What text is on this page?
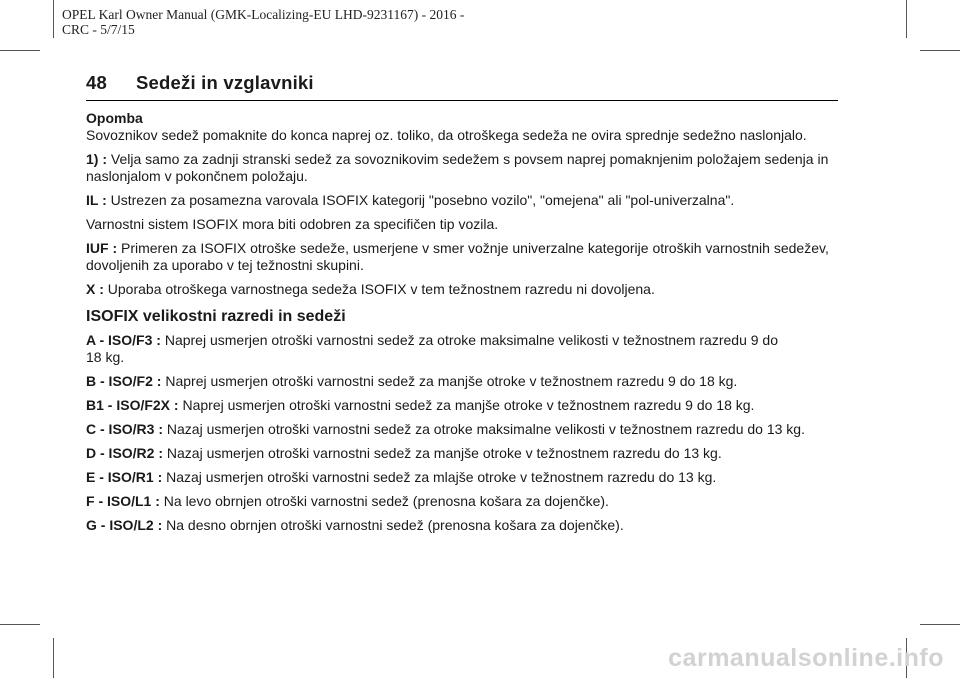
OPEL Karl Owner Manual (GMK-Localizing-EU LHD-9231167) - 2016 -
CRC - 5/7/15
48 Sedeži in vzglavniki

Opomba

Sovoznikov sedež pomaknite do konca naprej oz. toliko, da otroškega sedeža ne ovira sprednje sedežno naslonjalo.

1) : Velja samo za zadnji stranski sedež za sovoznikovim sedežem s povsem naprej pomaknjenim položajem sedenja in naslonjalom v pokončnem položaju.

IL : Ustrezen za posamezna varovala ISOFIX kategorij "posebno vozilo", "omejena" ali "pol-univerzalna".

Varnostni sistem ISOFIX mora biti odobren za specifičen tip vozila.

IUF : Primeren za ISOFIX otroške sedeže, usmerjene v smer vožnje univerzalne kategorije otroških varnostnih sedežev, dovoljenih za uporabo v tej težnostni skupini.

X : Uporaba otroškega varnostnega sedeža ISOFIX v tem težnostnem razredu ni dovoljena.

ISOFIX velikostni razredi in sedeži

A - ISO/F3 : Naprej usmerjen otroški varnostni sedež za otroke maksimalne velikosti v težnostnem razredu 9 do
18 kg.

B - ISO/F2 : Naprej usmerjen otroški varnostni sedež za manjše otroke v težnostnem razredu 9 do 18 kg.

B1 - ISO/F2X : Naprej usmerjen otroški varnostni sedež za manjše otroke v težnostnem razredu 9 do 18 kg.

C - ISO/R3 : Nazaj usmerjen otroški varnostni sedež za otroke maksimalne velikosti v težnostnem razredu do 13 kg.

D - ISO/R2 : Nazaj usmerjen otroški varnostni sedež za manjše otroke v težnostnem razredu do 13 kg.

E - ISO/R1 : Nazaj usmerjen otroški varnostni sedež za mlajše otroke v težnostnem razredu do 13 kg.

F - ISO/L1 : Na levo obrnjen otroški varnostni sedež (prenosna košara za dojenčke).

G - ISO/L2 : Na desno obrnjen otroški varnostni sedež (prenosna košara za dojenčke).

carmanualsonline.info
